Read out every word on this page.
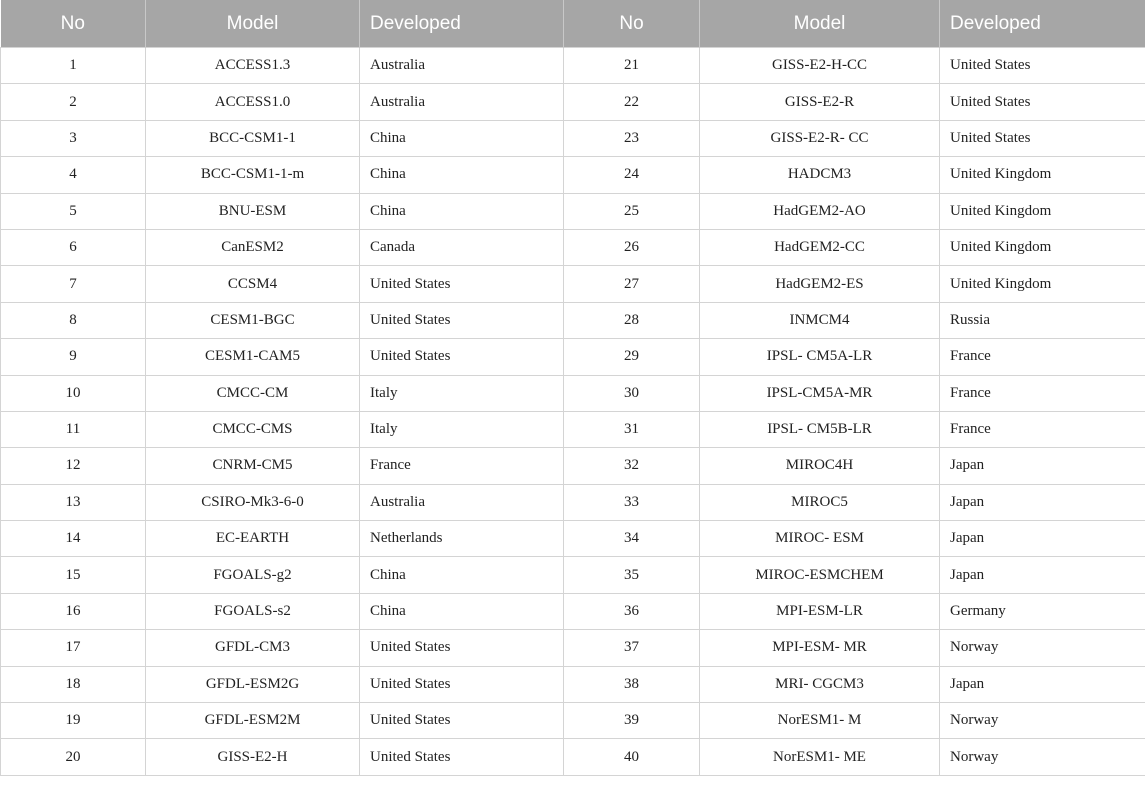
No	Model	Developed	No	Model	Developed
1	ACCESS1.3	Australia	21	GISS-E2-H-CC	United States
2	ACCESS1.0	Australia	22	GISS-E2-R	United States
3	BCC-CSM1-1	China	23	GISS-E2-R- CC	United States
4	BCC-CSM1-1-m	China	24	HADCM3	United Kingdom
5	BNU-ESM	China	25	HadGEM2-AO	United Kingdom
6	CanESM2	Canada	26	HadGEM2-CC	United Kingdom
7	CCSM4	United States	27	HadGEM2-ES	United Kingdom
8	CESM1-BGC	United States	28	INMCM4	Russia
9	CESM1-CAM5	United States	29	IPSL- CM5A-LR	France
10	CMCC-CM	Italy	30	IPSL-CM5A-MR	France
11	CMCC-CMS	Italy	31	IPSL- CM5B-LR	France
12	CNRM-CM5	France	32	MIROC4H	Japan
13	CSIRO-Mk3-6-0	Australia	33	MIROC5	Japan
14	EC-EARTH	Netherlands	34	MIROC- ESM	Japan
15	FGOALS-g2	China	35	MIROC-ESMCHEM	Japan
16	FGOALS-s2	China	36	MPI-ESM-LR	Germany
17	GFDL-CM3	United States	37	MPI-ESM- MR	Norway
18	GFDL-ESM2G	United States	38	MRI- CGCM3	Japan
19	GFDL-ESM2M	United States	39	NorESM1- M	Norway
20	GISS-E2-H	United States	40	NorESM1- ME	Norway
